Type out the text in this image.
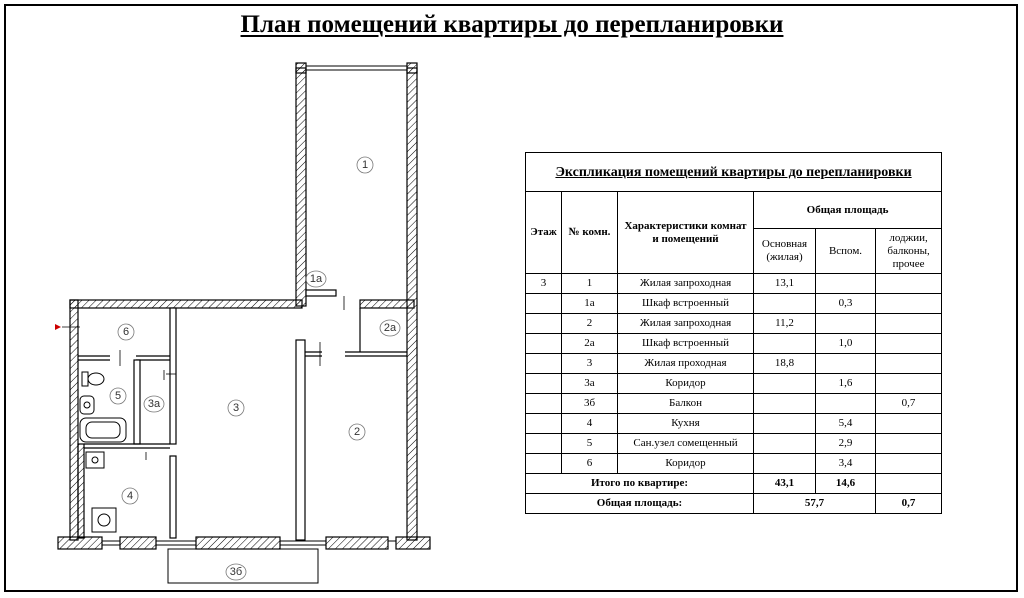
План помещений квартиры до перепланировки
1
1а
2а
6
5
3а	3
2
4
3б
Экспликация помещений квартиры до перепланировки					
Этаж	№ комн.	Характеристики комнат и помещений	Общая площадь		
			Основная (жилая)	Вспом.	лоджии, балконы, прочее
3	1	Жилая запроходная	13,1		
	1а	Шкаф встроенный		0,3	
	2	Жилая запроходная	11,2		
	2а	Шкаф встроенный		1,0	
	3	Жилая проходная	18,8		
	3а	Коридор		1,6	
	3б	Балкон			0,7
	4	Кухня		5,4	
	5	Сан.узел сомещенный		2,9	
	6	Коридор		3,4	
Итого по квартире:			43,1	14,6	
Общая площадь:			57,7		0,7
